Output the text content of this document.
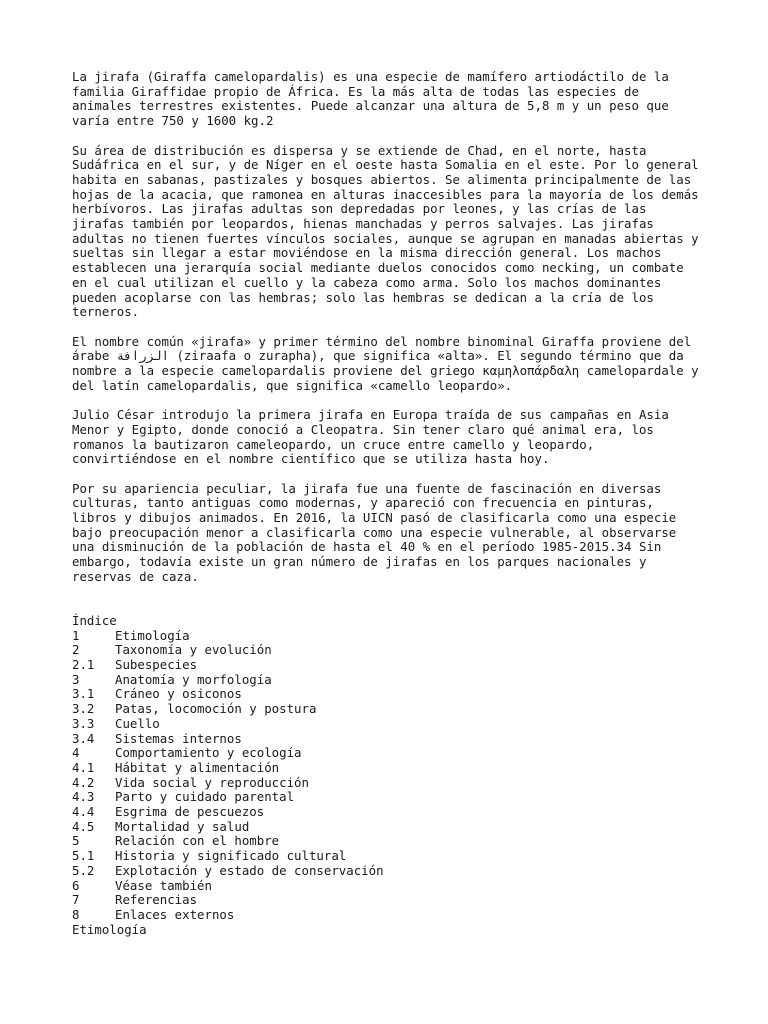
La jirafa (Giraffa camelopardalis) es una especie de mamífero artiodáctilo de la familia Giraffidae propio de África. Es la más alta de todas las especies de animales terrestres existentes. Puede alcanzar una altura de 5,8 m y un peso que varía entre 750 y 1600 kg.2

Su área de distribución es dispersa y se extiende de Chad, en el norte, hasta Sudáfrica en el sur, y de Níger en el oeste hasta Somalia en el este. Por lo general habita en sabanas, pastizales y bosques abiertos. Se alimenta principalmente de las hojas de la acacia, que ramonea en alturas inaccesibles para la mayoría de los demás herbívoros. Las jirafas adultas son depredadas por leones, y las crías de las jirafas también por leopardos, hienas manchadas y perros salvajes. Las jirafas adultas no tienen fuertes vínculos sociales, aunque se agrupan en manadas abiertas y sueltas sin llegar a estar moviéndose en la misma dirección general. Los machos establecen una jerarquía social mediante duelos conocidos como necking, un combate en el cual utilizan el cuello y la cabeza como arma. Solo los machos dominantes pueden acoplarse con las hembras; solo las hembras se dedican a la cría de los terneros.

El nombre común «jirafa» y primer término del nombre binominal Giraffa proviene del árabe الزرافة (ziraafa o zurapha), que significa «alta». El segundo término que da nombre a la especie camelopardalis proviene del griego καμηλοπάρδαλη camelopardale y del latín camelopardalis, que significa «camello leopardo».

Julio César introdujo la primera jirafa en Europa traída de sus campañas en Asia Menor y Egipto, donde conoció a Cleopatra. Sin tener claro qué animal era, los romanos la bautizaron cameleopardo, un cruce entre camello y leopardo, convirtiéndose en el nombre científico que se utiliza hasta hoy.

Por su apariencia peculiar, la jirafa fue una fuente de fascinación en diversas culturas, tanto antiguas como modernas, y apareció con frecuencia en pinturas, libros y dibujos animados. En 2016, la UICN pasó de clasificarla como una especie bajo preocupación menor a clasificarla como una especie vulnerable, al observarse una disminución de la población de hasta el 40 % en el período 1985-2015.34 Sin embargo, todavía existe un gran número de jirafas en los parques nacionales y reservas de caza.

Índice
1	Etimología
2	Taxonomía y evolución
2.1	Subespecies
3	Anatomía y morfología
3.1	Cráneo y osiconos
3.2	Patas, locomoción y postura
3.3	Cuello
3.4	Sistemas internos
4	Comportamiento y ecología
4.1	Hábitat y alimentación
4.2	Vida social y reproducción
4.3	Parto y cuidado parental
4.4	Esgrima de pescuezos
4.5	Mortalidad y salud
5	Relación con el hombre
5.1	Historia y significado cultural
5.2	Explotación y estado de conservación
6	Véase también
7	Referencias
8	Enlaces externos
Etimología
